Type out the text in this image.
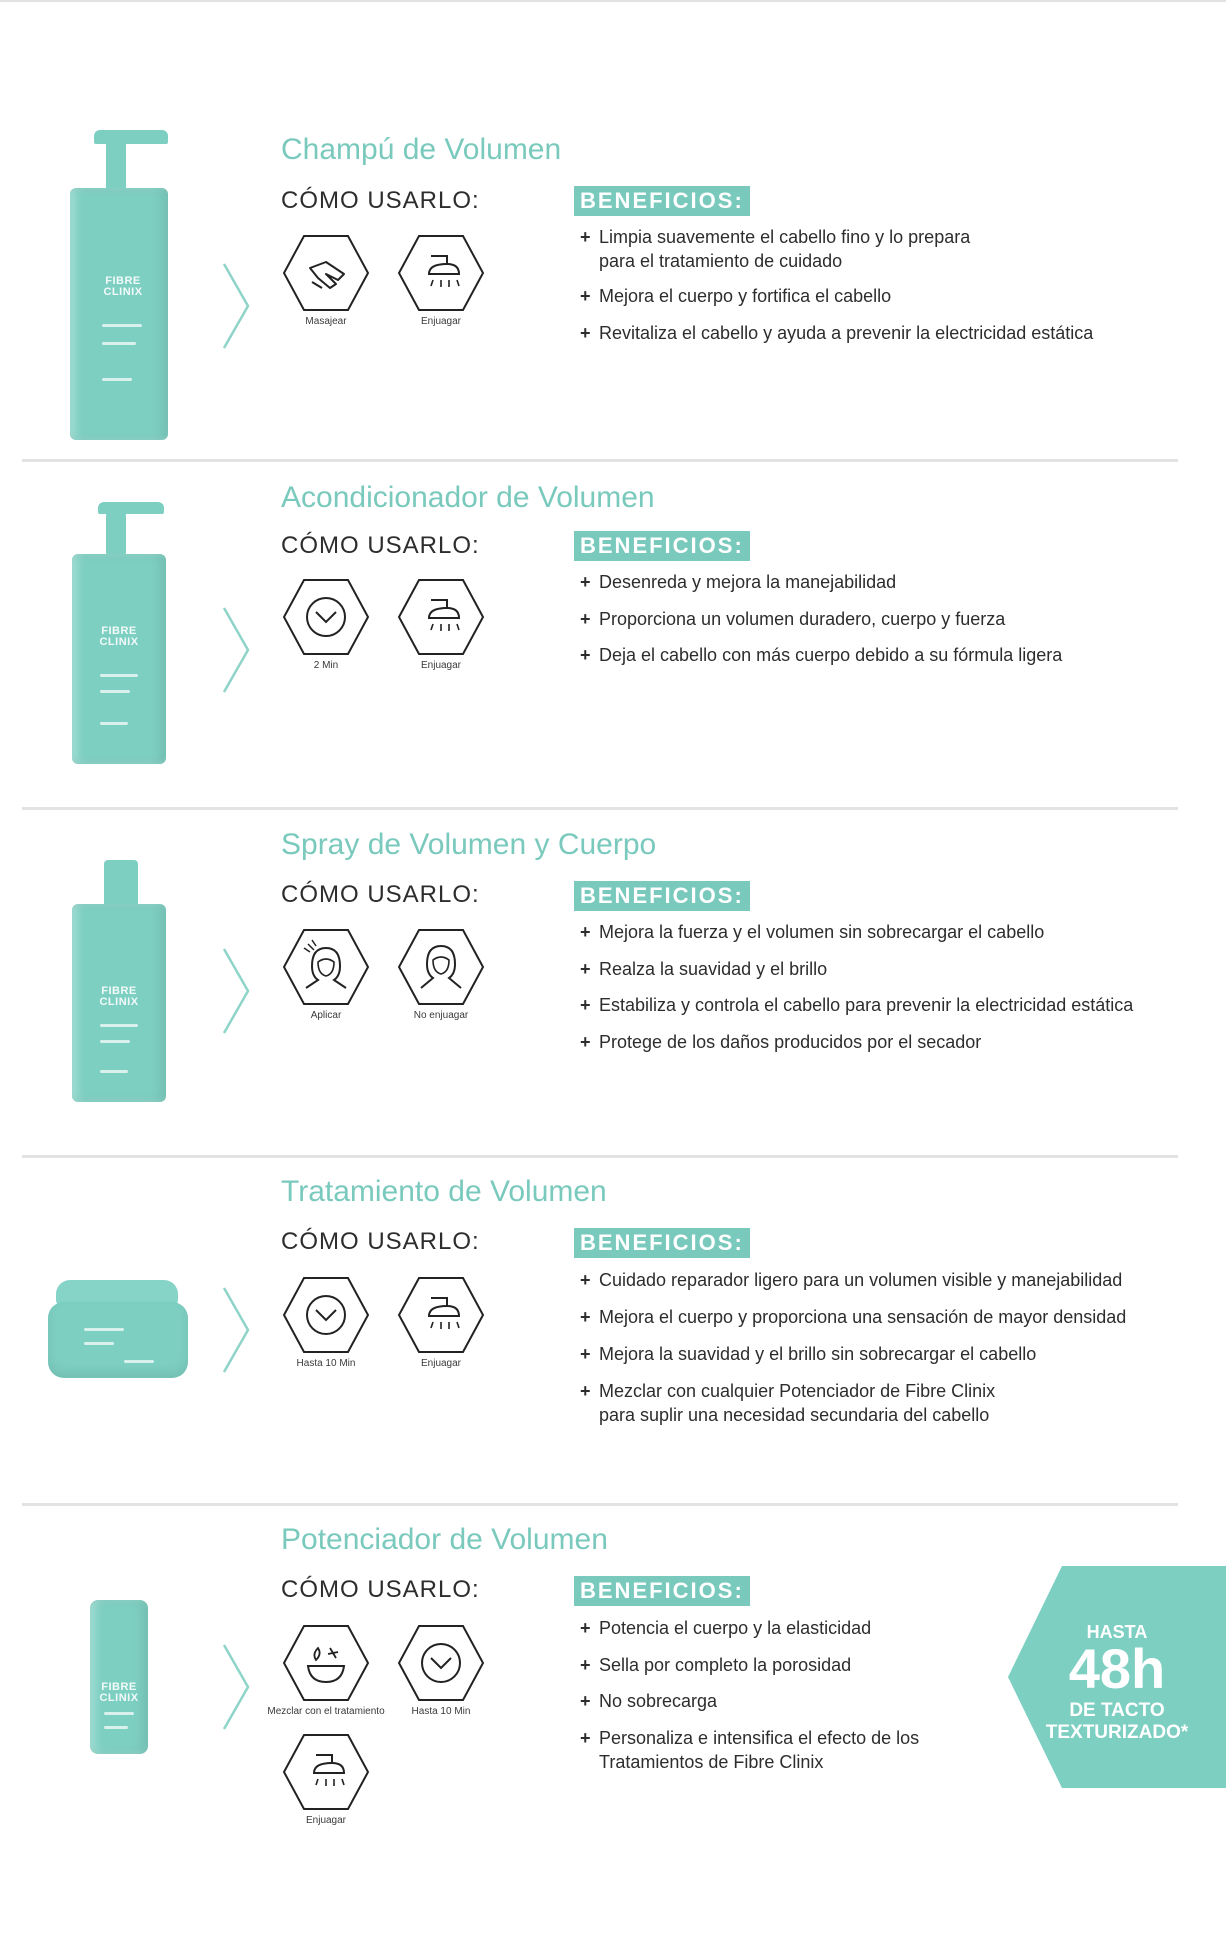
FIBRE CLINIX
Champú de Volumen
CÓMO USARLO:	BENEFICIOS:
Masajear	Enjuagar
+ Limpia suavemente el cabello fino y lo prepara
para el tratamiento de cuidado
+ Mejora el cuerpo y fortifica el cabello
+ Revitaliza el cabello y ayuda a prevenir la electricidad estática
FIBRE CLINIX
Acondicionador de Volumen
CÓMO USARLO:	BENEFICIOS:
2 Min	Enjuagar
+ Desenreda y mejora la manejabilidad
+ Proporciona un volumen duradero, cuerpo y fuerza
+ Deja el cabello con más cuerpo debido a su fórmula ligera
FIBRE CLINIX
Spray de Volumen y Cuerpo
CÓMO USARLO:	BENEFICIOS:
Aplicar	No enjuagar
+ Mejora la fuerza y el volumen sin sobrecargar el cabello
+ Realza la suavidad y el brillo
+ Estabiliza y controla el cabello para prevenir la electricidad estática
+ Protege de los daños producidos por el secador
Tratamiento de Volumen
CÓMO USARLO:	BENEFICIOS:
Hasta 10 Min	Enjuagar
+ Cuidado reparador ligero para un volumen visible y manejabilidad
+ Mejora el cuerpo y proporciona una sensación de mayor densidad
+ Mejora la suavidad y el brillo sin sobrecargar el cabello
+ Mezclar con cualquier Potenciador de Fibre Clinix
para suplir una necesidad secundaria del cabello
FIBRE CLINIX
Potenciador de Volumen
CÓMO USARLO:	BENEFICIOS:
Mezclar con el tratamiento	Hasta 10 Min
Enjuagar
+ Potencia el cuerpo y la elasticidad
+ Sella por completo la porosidad
+ No sobrecarga
+ Personaliza e intensifica el efecto de los
Tratamientos de Fibre Clinix
HASTA
48h
DE TACTO
TEXTURIZADO*
